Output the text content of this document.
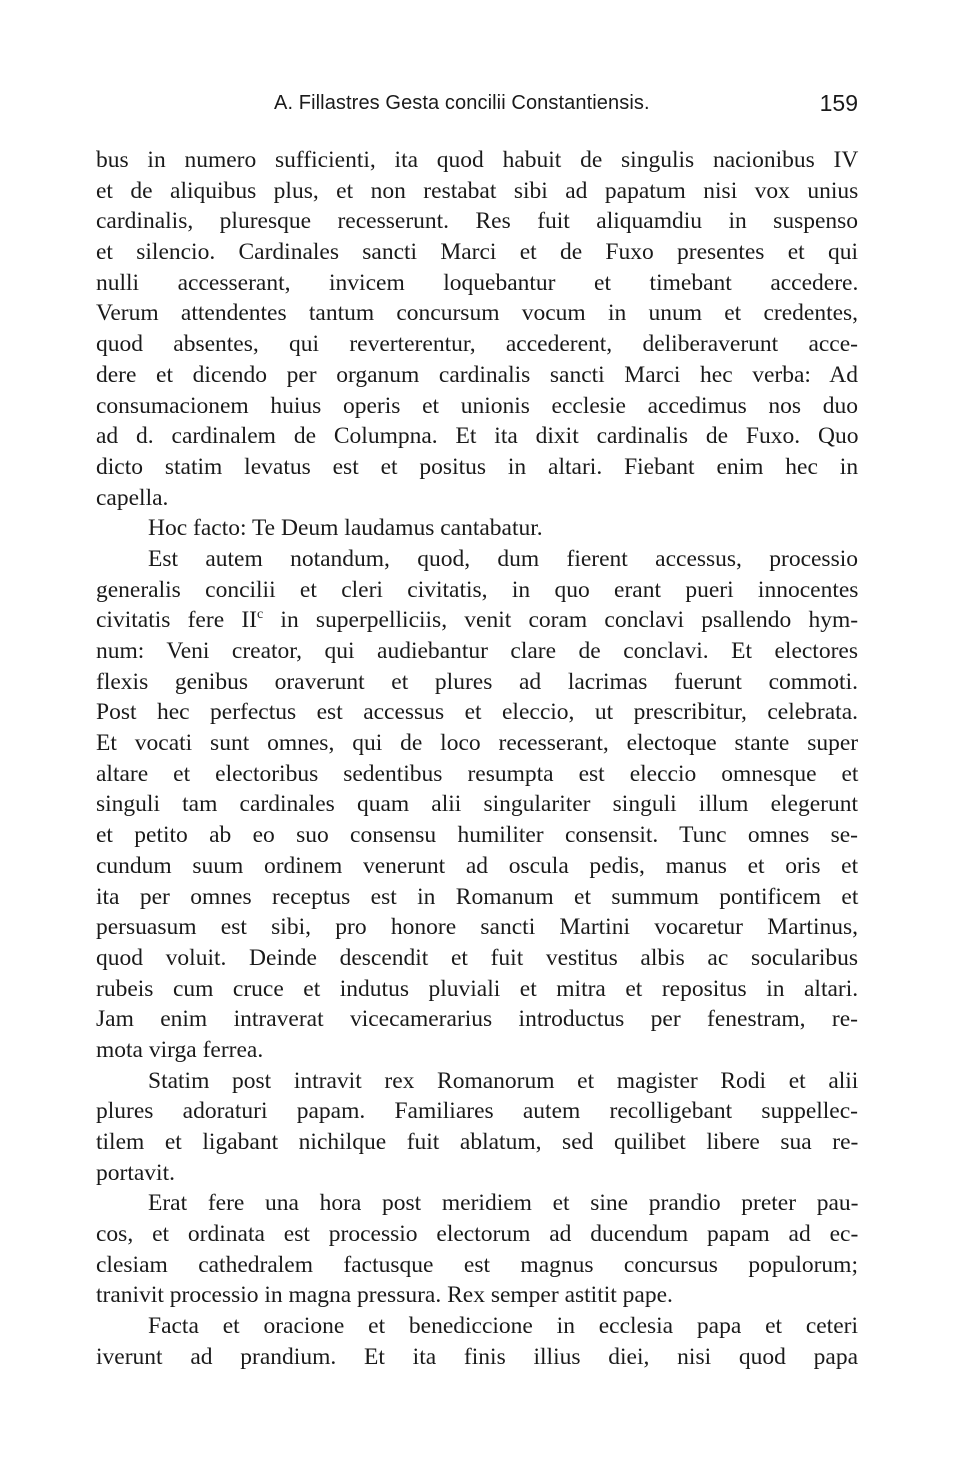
A. Fillastres Gesta concilii Constantiensis.	159
bus in numero sufficienti, ita quod habuit de singulis nacionibus IV
et de aliquibus plus, et non restabat sibi ad papatum nisi vox unius
cardinalis, pluresque recesserunt. Res fuit aliquamdiu in suspenso
et silencio. Cardinales sancti Marci et de Fuxo presentes et qui
nulli accesserant, invicem loquebantur et timebant accedere.
Verum attendentes tantum concursum vocum in unum et credentes,
quod absentes, qui reverterentur, accederent, deliberaverunt acce-
dere et dicendo per organum cardinalis sancti Marci hec verba: Ad
consumacionem huius operis et unionis ecclesie accedimus nos duo
ad d. cardinalem de Columpna. Et ita dixit cardinalis de Fuxo. Quo
dicto statim levatus est et positus in altari. Fiebant enim hec in
capella.
Hoc facto: Te Deum laudamus cantabatur.
Est autem notandum, quod, dum fierent accessus, processio
generalis concilii et cleri civitatis, in quo erant pueri innocentes
civitatis fere $II^c$ in superpelliciis, venit coram conclavi psallendo hym-
num: Veni creator, qui audiebantur clare de conclavi. Et electores
flexis genibus oraverunt et plures ad lacrimas fuerunt commoti.
Post hec perfectus est accessus et eleccio, ut prescribitur, celebrata.
Et vocati sunt omnes, qui de loco recesserant, electoque stante super
altare et electoribus sedentibus resumpta est eleccio omnesque et
singuli tam cardinales quam alii singulariter singuli illum elegerunt
et petito ab eo suo consensu humiliter consensit. Tunc omnes se-
cundum suum ordinem venerunt ad oscula pedis, manus et oris et
ita per omnes receptus est in Romanum et summum pontificem et
persuasum est sibi, pro honore sancti Martini vocaretur Martinus,
quod voluit. Deinde descendit et fuit vestitus albis ac socularibus
rubeis cum cruce et indutus pluviali et mitra et repositus in altari.
Jam enim intraverat vicecamerarius introductus per fenestram, re-
mota virga ferrea.
Statim post intravit rex Romanorum et magister Rodi et alii
plures adoraturi papam. Familiares autem recolligebant suppellec-
tilem et ligabant nichilque fuit ablatum, sed quilibet libere sua re-
portavit.
Erat fere una hora post meridiem et sine prandio preter pau-
cos, et ordinata est processio electorum ad ducendum papam ad ec-
clesiam cathedralem factusque est magnus concursus populorum;
tranivit processio in magna pressura. Rex semper astitit pape.
Facta et oracione et benediccione in ecclesia papa et ceteri
iverunt ad prandium. Et ita finis illius diei, nisi quod papa
